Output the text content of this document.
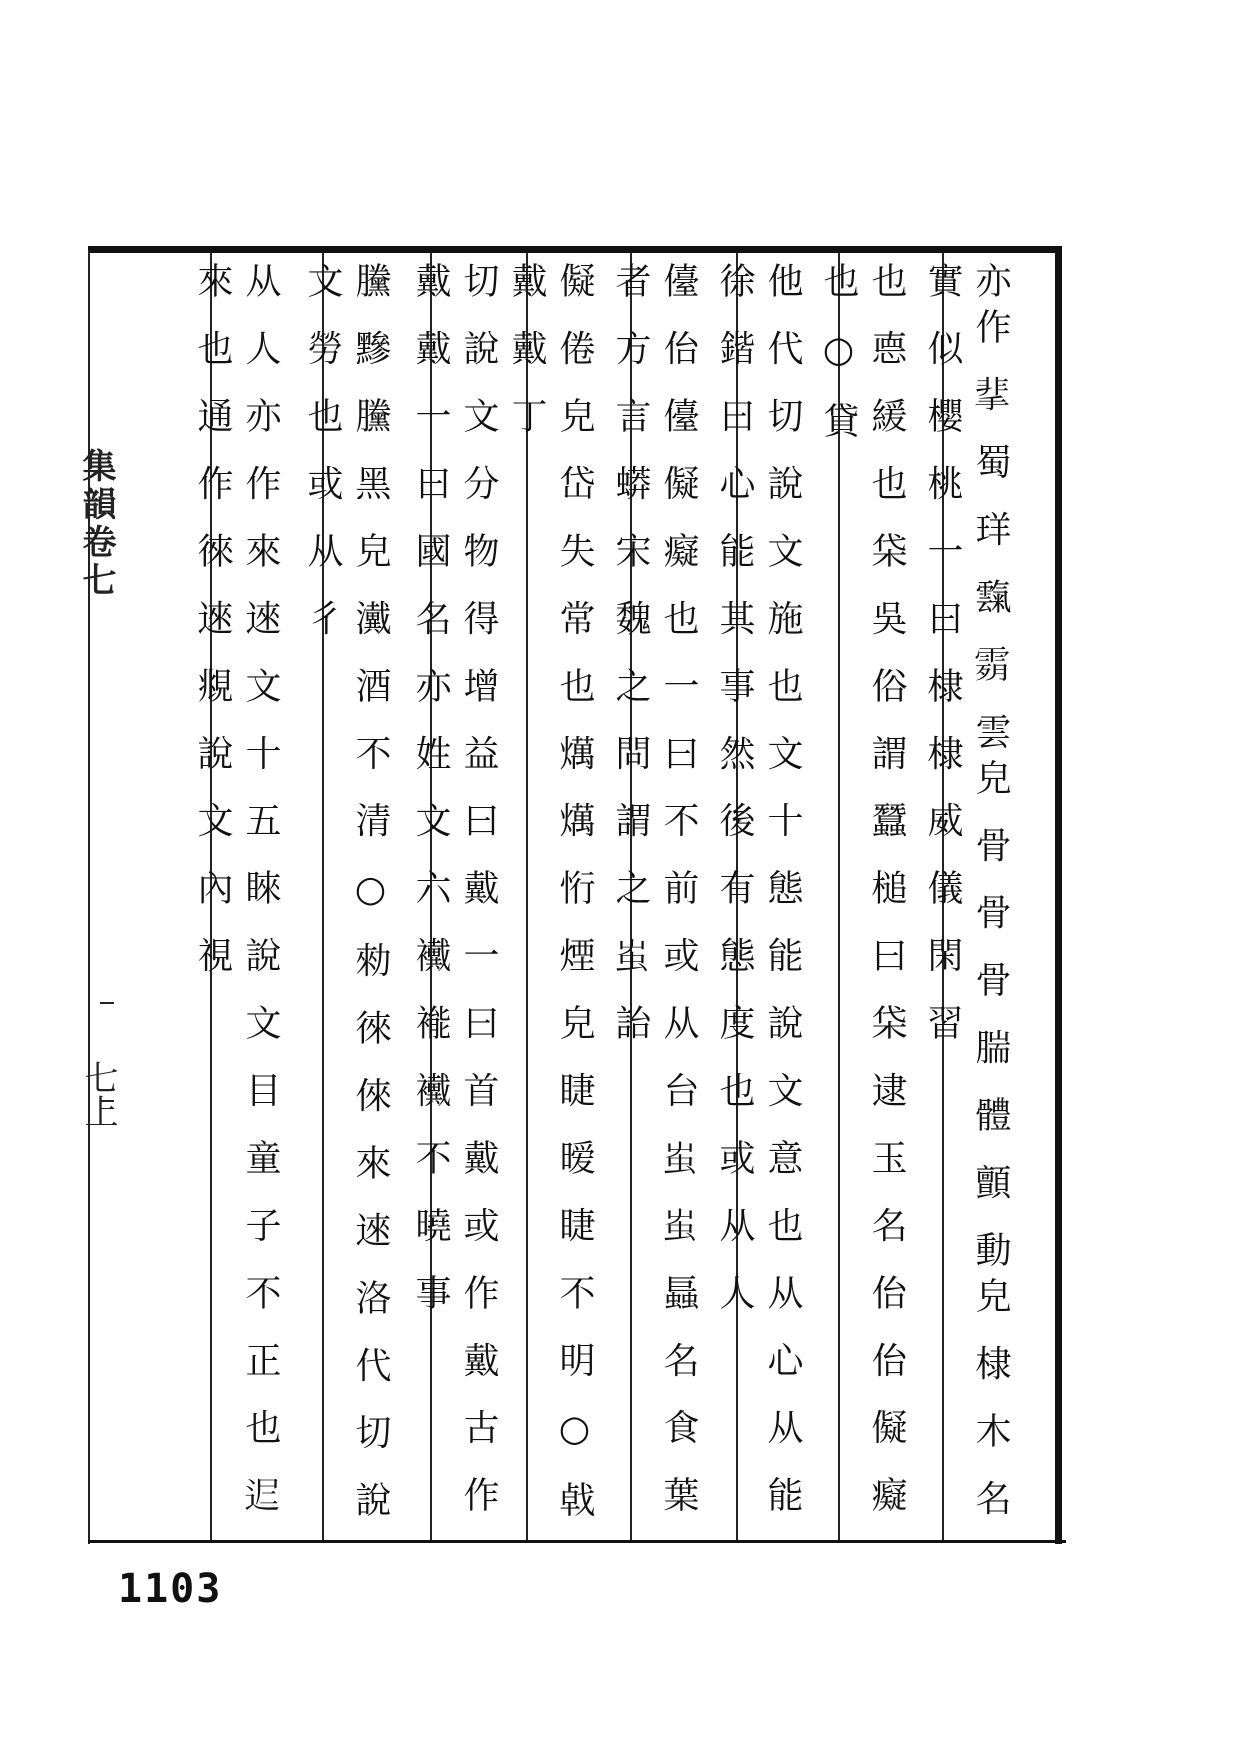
集韻卷七
七上	亦作 𩇮 蜀 珜 霼 𩃴 雲皃 骨 骨 骨 腨 體 顫 動皃 棣 木 名 實 似 櫻 桃 一 曰 棣 棣 威 儀 閑 習
也 㥁 緩 也 柋 吳 俗 謂 蠶 槌 曰 柋 逮 玉 名 佁 佁 儗 癡 也 ○ 貸
他 代 切 說 文 施 也 文 十 態 能 說 文 意 也 从 心 从 能 徐 鍇 曰 心 能 其 事 然 後 有 態 度 也 或 从 人
儓 佁 儓 儗 癡 也 一 曰 不 前 或 从 台 𧈪 𧈪 螶 名 食 葉 者 方 言 蟒 宋 魏 之 問 謂 之 𧈪 詒
儗 倦 皃 岱 失 常 也 燤 燤 㤚 煙 皃 睫 暧 睫 不 明 ○ 㦸 戴 戴 丁
切 說 文 分 物 得 增 益 曰 戴 一 曰 首 戴 或 作 戴 古 作 戴 戴 一 曰 國 名 亦 姓 文 六 襶 褦 襶 不 曉 事
黱 黲 黱 黑 皃 瀻 酒 不 清 ○ 勑 徠 倈 來 逨 洛 代 切 說 文 勞 也 或 从 彳
从 人 亦 作 來 逨 文 十 五 睞 說 文 目 童 子 不 正 也 𨒈 來 也 通 作 徠 逨 覜 說 文 內 視
1103
